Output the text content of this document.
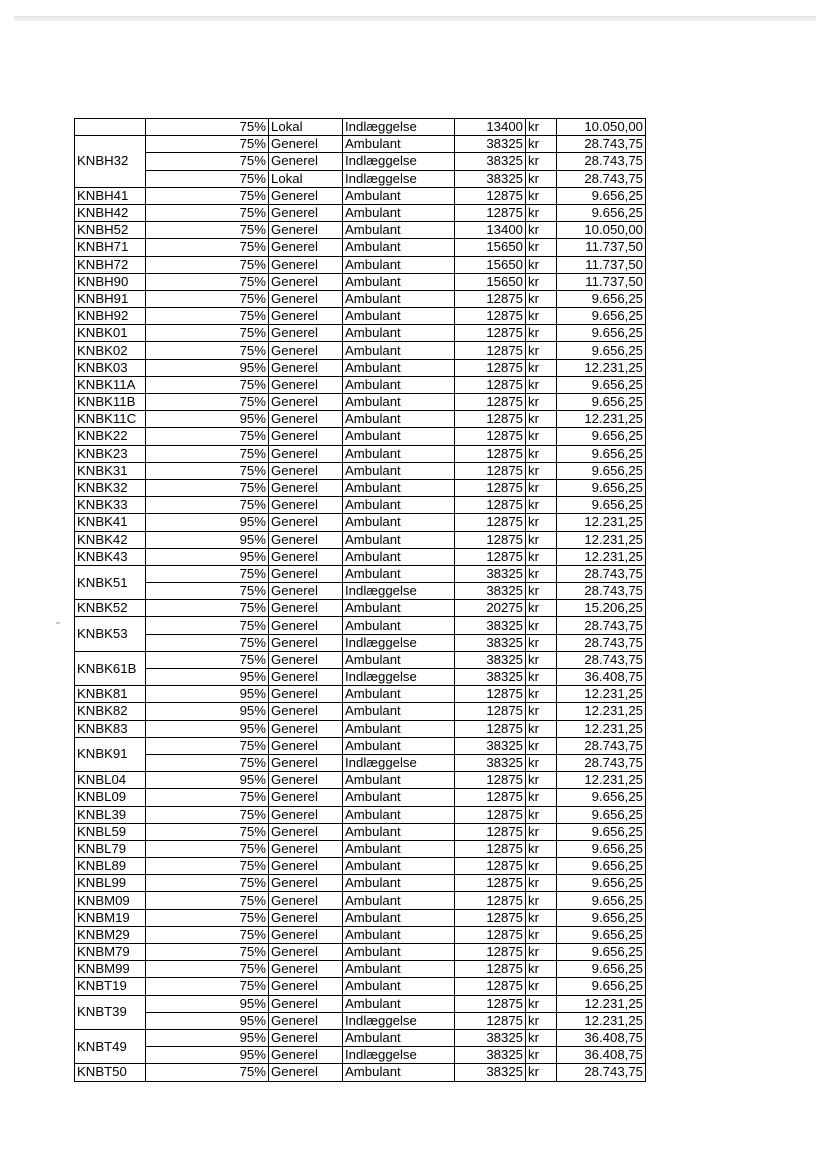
	75%	Lokal	Indlæggelse	13400	kr	10.050,00
KNBH32	75%	Generel	Ambulant	38325	kr	28.743,75
	75%	Generel	Indlæggelse	38325	kr	28.743,75
	75%	Lokal	Indlæggelse	38325	kr	28.743,75
KNBH41	75%	Generel	Ambulant	12875	kr	9.656,25
KNBH42	75%	Generel	Ambulant	12875	kr	9.656,25
KNBH52	75%	Generel	Ambulant	13400	kr	10.050,00
KNBH71	75%	Generel	Ambulant	15650	kr	11.737,50
KNBH72	75%	Generel	Ambulant	15650	kr	11.737,50
KNBH90	75%	Generel	Ambulant	15650	kr	11.737,50
KNBH91	75%	Generel	Ambulant	12875	kr	9.656,25
KNBH92	75%	Generel	Ambulant	12875	kr	9.656,25
KNBK01	75%	Generel	Ambulant	12875	kr	9.656,25
KNBK02	75%	Generel	Ambulant	12875	kr	9.656,25
KNBK03	95%	Generel	Ambulant	12875	kr	12.231,25
KNBK11A	75%	Generel	Ambulant	12875	kr	9.656,25
KNBK11B	75%	Generel	Ambulant	12875	kr	9.656,25
KNBK11C	95%	Generel	Ambulant	12875	kr	12.231,25
KNBK22	75%	Generel	Ambulant	12875	kr	9.656,25
KNBK23	75%	Generel	Ambulant	12875	kr	9.656,25
KNBK31	75%	Generel	Ambulant	12875	kr	9.656,25
KNBK32	75%	Generel	Ambulant	12875	kr	9.656,25
KNBK33	75%	Generel	Ambulant	12875	kr	9.656,25
KNBK41	95%	Generel	Ambulant	12875	kr	12.231,25
KNBK42	95%	Generel	Ambulant	12875	kr	12.231,25
KNBK43	95%	Generel	Ambulant	12875	kr	12.231,25
KNBK51	75%	Generel	Ambulant	38325	kr	28.743,75
	75%	Generel	Indlæggelse	38325	kr	28.743,75
KNBK52	75%	Generel	Ambulant	20275	kr	15.206,25
KNBK53	75%	Generel	Ambulant	38325	kr	28.743,75
	75%	Generel	Indlæggelse	38325	kr	28.743,75
KNBK61B	75%	Generel	Ambulant	38325	kr	28.743,75
	95%	Generel	Indlæggelse	38325	kr	36.408,75
KNBK81	95%	Generel	Ambulant	12875	kr	12.231,25
KNBK82	95%	Generel	Ambulant	12875	kr	12.231,25
KNBK83	95%	Generel	Ambulant	12875	kr	12.231,25
KNBK91	75%	Generel	Ambulant	38325	kr	28.743,75
	75%	Generel	Indlæggelse	38325	kr	28.743,75
KNBL04	95%	Generel	Ambulant	12875	kr	12.231,25
KNBL09	75%	Generel	Ambulant	12875	kr	9.656,25
KNBL39	75%	Generel	Ambulant	12875	kr	9.656,25
KNBL59	75%	Generel	Ambulant	12875	kr	9.656,25
KNBL79	75%	Generel	Ambulant	12875	kr	9.656,25
KNBL89	75%	Generel	Ambulant	12875	kr	9.656,25
KNBL99	75%	Generel	Ambulant	12875	kr	9.656,25
KNBM09	75%	Generel	Ambulant	12875	kr	9.656,25
KNBM19	75%	Generel	Ambulant	12875	kr	9.656,25
KNBM29	75%	Generel	Ambulant	12875	kr	9.656,25
KNBM79	75%	Generel	Ambulant	12875	kr	9.656,25
KNBM99	75%	Generel	Ambulant	12875	kr	9.656,25
KNBT19	75%	Generel	Ambulant	12875	kr	9.656,25
KNBT39	95%	Generel	Ambulant	12875	kr	12.231,25
	95%	Generel	Indlæggelse	12875	kr	12.231,25
KNBT49	95%	Generel	Ambulant	38325	kr	36.408,75
	95%	Generel	Indlæggelse	38325	kr	36.408,75
KNBT50	75%	Generel	Ambulant	38325	kr	28.743,75
